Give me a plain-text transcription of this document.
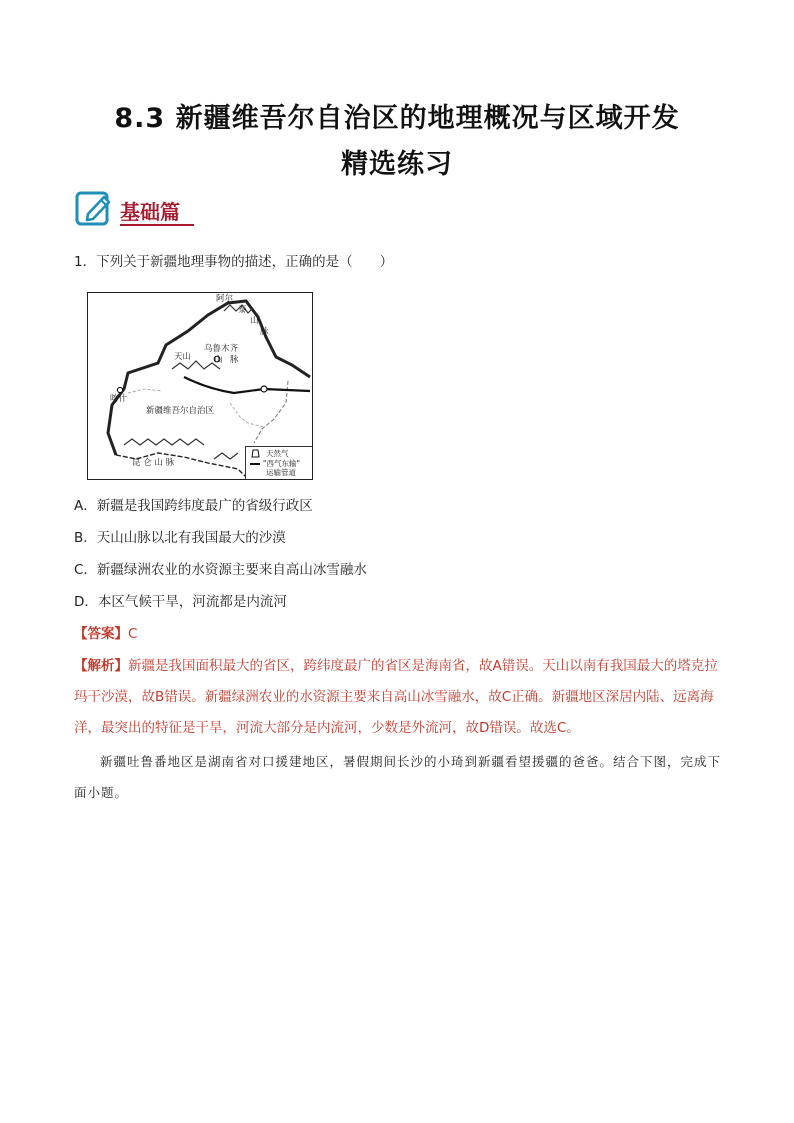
8.3 新疆维吾尔自治区的地理概况与区域开发
精选练习
基础篇
1．下列关于新疆地理事物的描述，正确的是（　　）
阿尔
泰
山
脉
乌鲁木齐
天山	山 脉
喀什
新疆维吾尔自治区
昆 仑 山 脉
天然气
"西气东输"
运输管道
A．新疆是我国跨纬度最广的省级行政区
B．天山山脉以北有我国最大的沙漠
C．新疆绿洲农业的水资源主要来自高山冰雪融水
D．本区气候干旱，河流都是内流河
【答案】C
【解析】新疆是我国面积最大的省区，跨纬度最广的省区是海南省，故A错误。天山以南有我国最大的塔克拉玛干沙漠，故B错误。新疆绿洲农业的水资源主要来自高山冰雪融水，故C正确。新疆地区深居内陆、远离海洋，最突出的特征是干旱，河流大部分是内流河，少数是外流河，故D错误。故选C。
新疆吐鲁番地区是湖南省对口援建地区，暑假期间长沙的小琦到新疆看望援疆的爸爸。结合下图，完成下面小题。
